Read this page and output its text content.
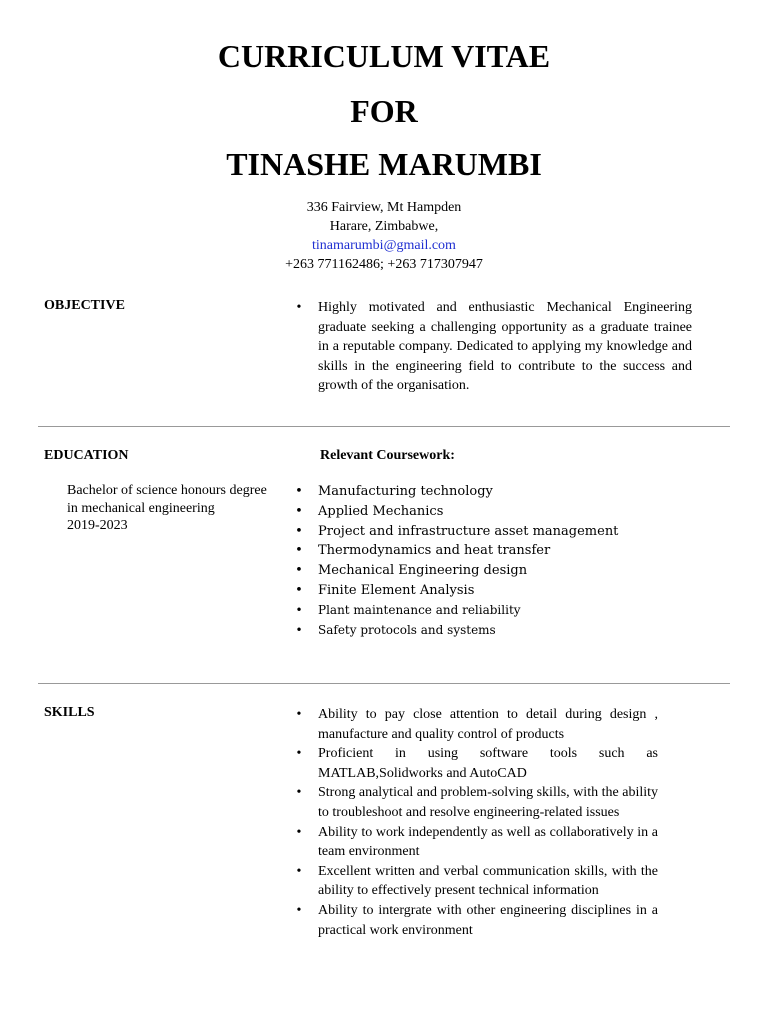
CURRICULUM VITAE
FOR
TINASHE MARUMBI
336 Fairview, Mt Hampden
Harare, Zimbabwe,
tinamarumbi@gmail.com
+263 771162486; +263 717307947
OBJECTIVE	• Highly motivated and enthusiastic Mechanical Engineering graduate seeking a challenging opportunity as a graduate trainee in a reputable company. Dedicated to applying my knowledge and skills in the engineering field to contribute to the success and growth of the organisation.
EDUCATION	Relevant Coursework:
Bachelor of science honours degree in mechanical engineering
2019-2023
• Manufacturing technology
• Applied Mechanics
• Project and infrastructure asset management
• Thermodynamics and heat transfer
• Mechanical Engineering design
• Finite Element Analysis
• Plant maintenance and reliability
• Safety protocols and systems
SKILLS	• Ability to pay close attention to detail during design , manufacture and quality control of products
• Proficient in using software tools such as MATLAB,Solidworks and AutoCAD
• Strong analytical and problem-solving skills, with the ability to troubleshoot and resolve engineering-related issues
• Ability to work independently as well as collaboratively in a team environment
• Excellent written and verbal communication skills, with the ability to effectively present technical information
• Ability to intergrate with other engineering disciplines in a practical work environment
